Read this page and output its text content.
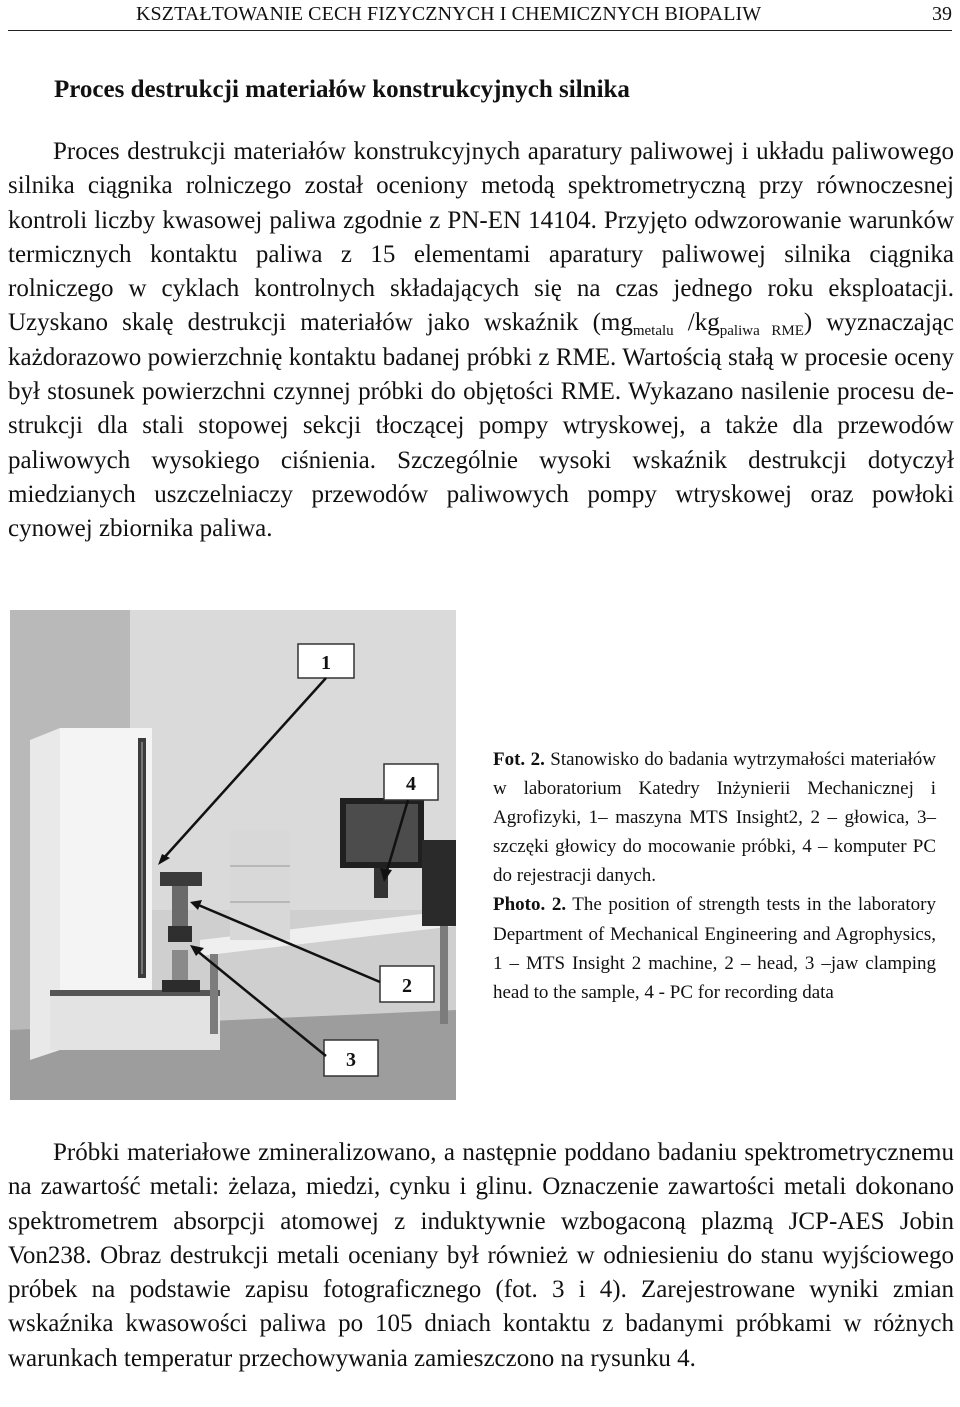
KSZTAŁTOWANIE CECH FIZYCZNYCH I CHEMICZNYCH BIOPALIW	39
Proces destrukcji materiałów konstrukcyjnych silnika

Proces destrukcji materiałów konstrukcyjnych aparatury paliwowej i układu paliwowego silnika ciągnika rolniczego został oceniony metodą spektrometryczną przy równoczesnej kontroli liczby kwasowej paliwa zgodnie z PN-EN 14104. Przyjęto odwzorowanie warunków termicznych kontaktu paliwa z 15 elementami aparatury paliwowej silnika ciągnika rolniczego w cyklach kontrolnych składających się na czas jednego roku eksploatacji. Uzyskano skalę destrukcji materiałów jako wskaźnik ($mg_{metalu}$ $/kg_{paliwa RME}$) wyznaczając każdorazowo powierzchnię kontaktu badanej próbki z RME. Wartością stałą w procesie oceny był stosunek powierzchni czynnej próbki do objętości RME. Wykazano nasilenie procesu destrukcji dla stali stopowej sekcji tłoczącej pompy wtryskowej, a także dla przewodów paliwowych wysokiego ciśnienia. Szczególnie wysoki wskaźnik destrukcji dotyczył miedzianych uszczelniaczy przewodów paliwowych pompy wtryskowej oraz powłoki cynowej zbiornika paliwa.

1
4
2
3
Fot. 2. Stanowisko do badania wytrzymałości materiałów w laboratorium Katedry Inżynierii Mechanicznej i Agrofizyki, 1– maszyna MTS Insight2, 2 – głowica, 3– szczęki głowicy do mocowanie próbki, 4 – komputer PC do rejestracji danych.
Photo. 2. The position of strength tests in the laboratory Department of Mechanical Engineering and Agrophysics, 1 – MTS Insight 2 machine, 2 – head, 3 –jaw clamping head to the sample, 4 - PC for recording data

Próbki materiałowe zmineralizowano, a następnie poddano badaniu spektrometrycznemu na zawartość metali: żelaza, miedzi, cynku i glinu. Oznaczenie zawartości metali dokonano spektrometrem absorpcji atomowej z induktywnie wzbogaconą plazmą JCP-AES Jobin Von238. Obraz destrukcji metali oceniany był również w odniesieniu do stanu wyjściowego próbek na podstawie zapisu fotograficznego (fot. 3 i 4). Zarejestrowane wyniki zmian wskaźnika kwasowości paliwa po 105 dniach kontaktu z badanymi próbkami w różnych warunkach temperatur przechowywania zamieszczono na rysunku 4.
